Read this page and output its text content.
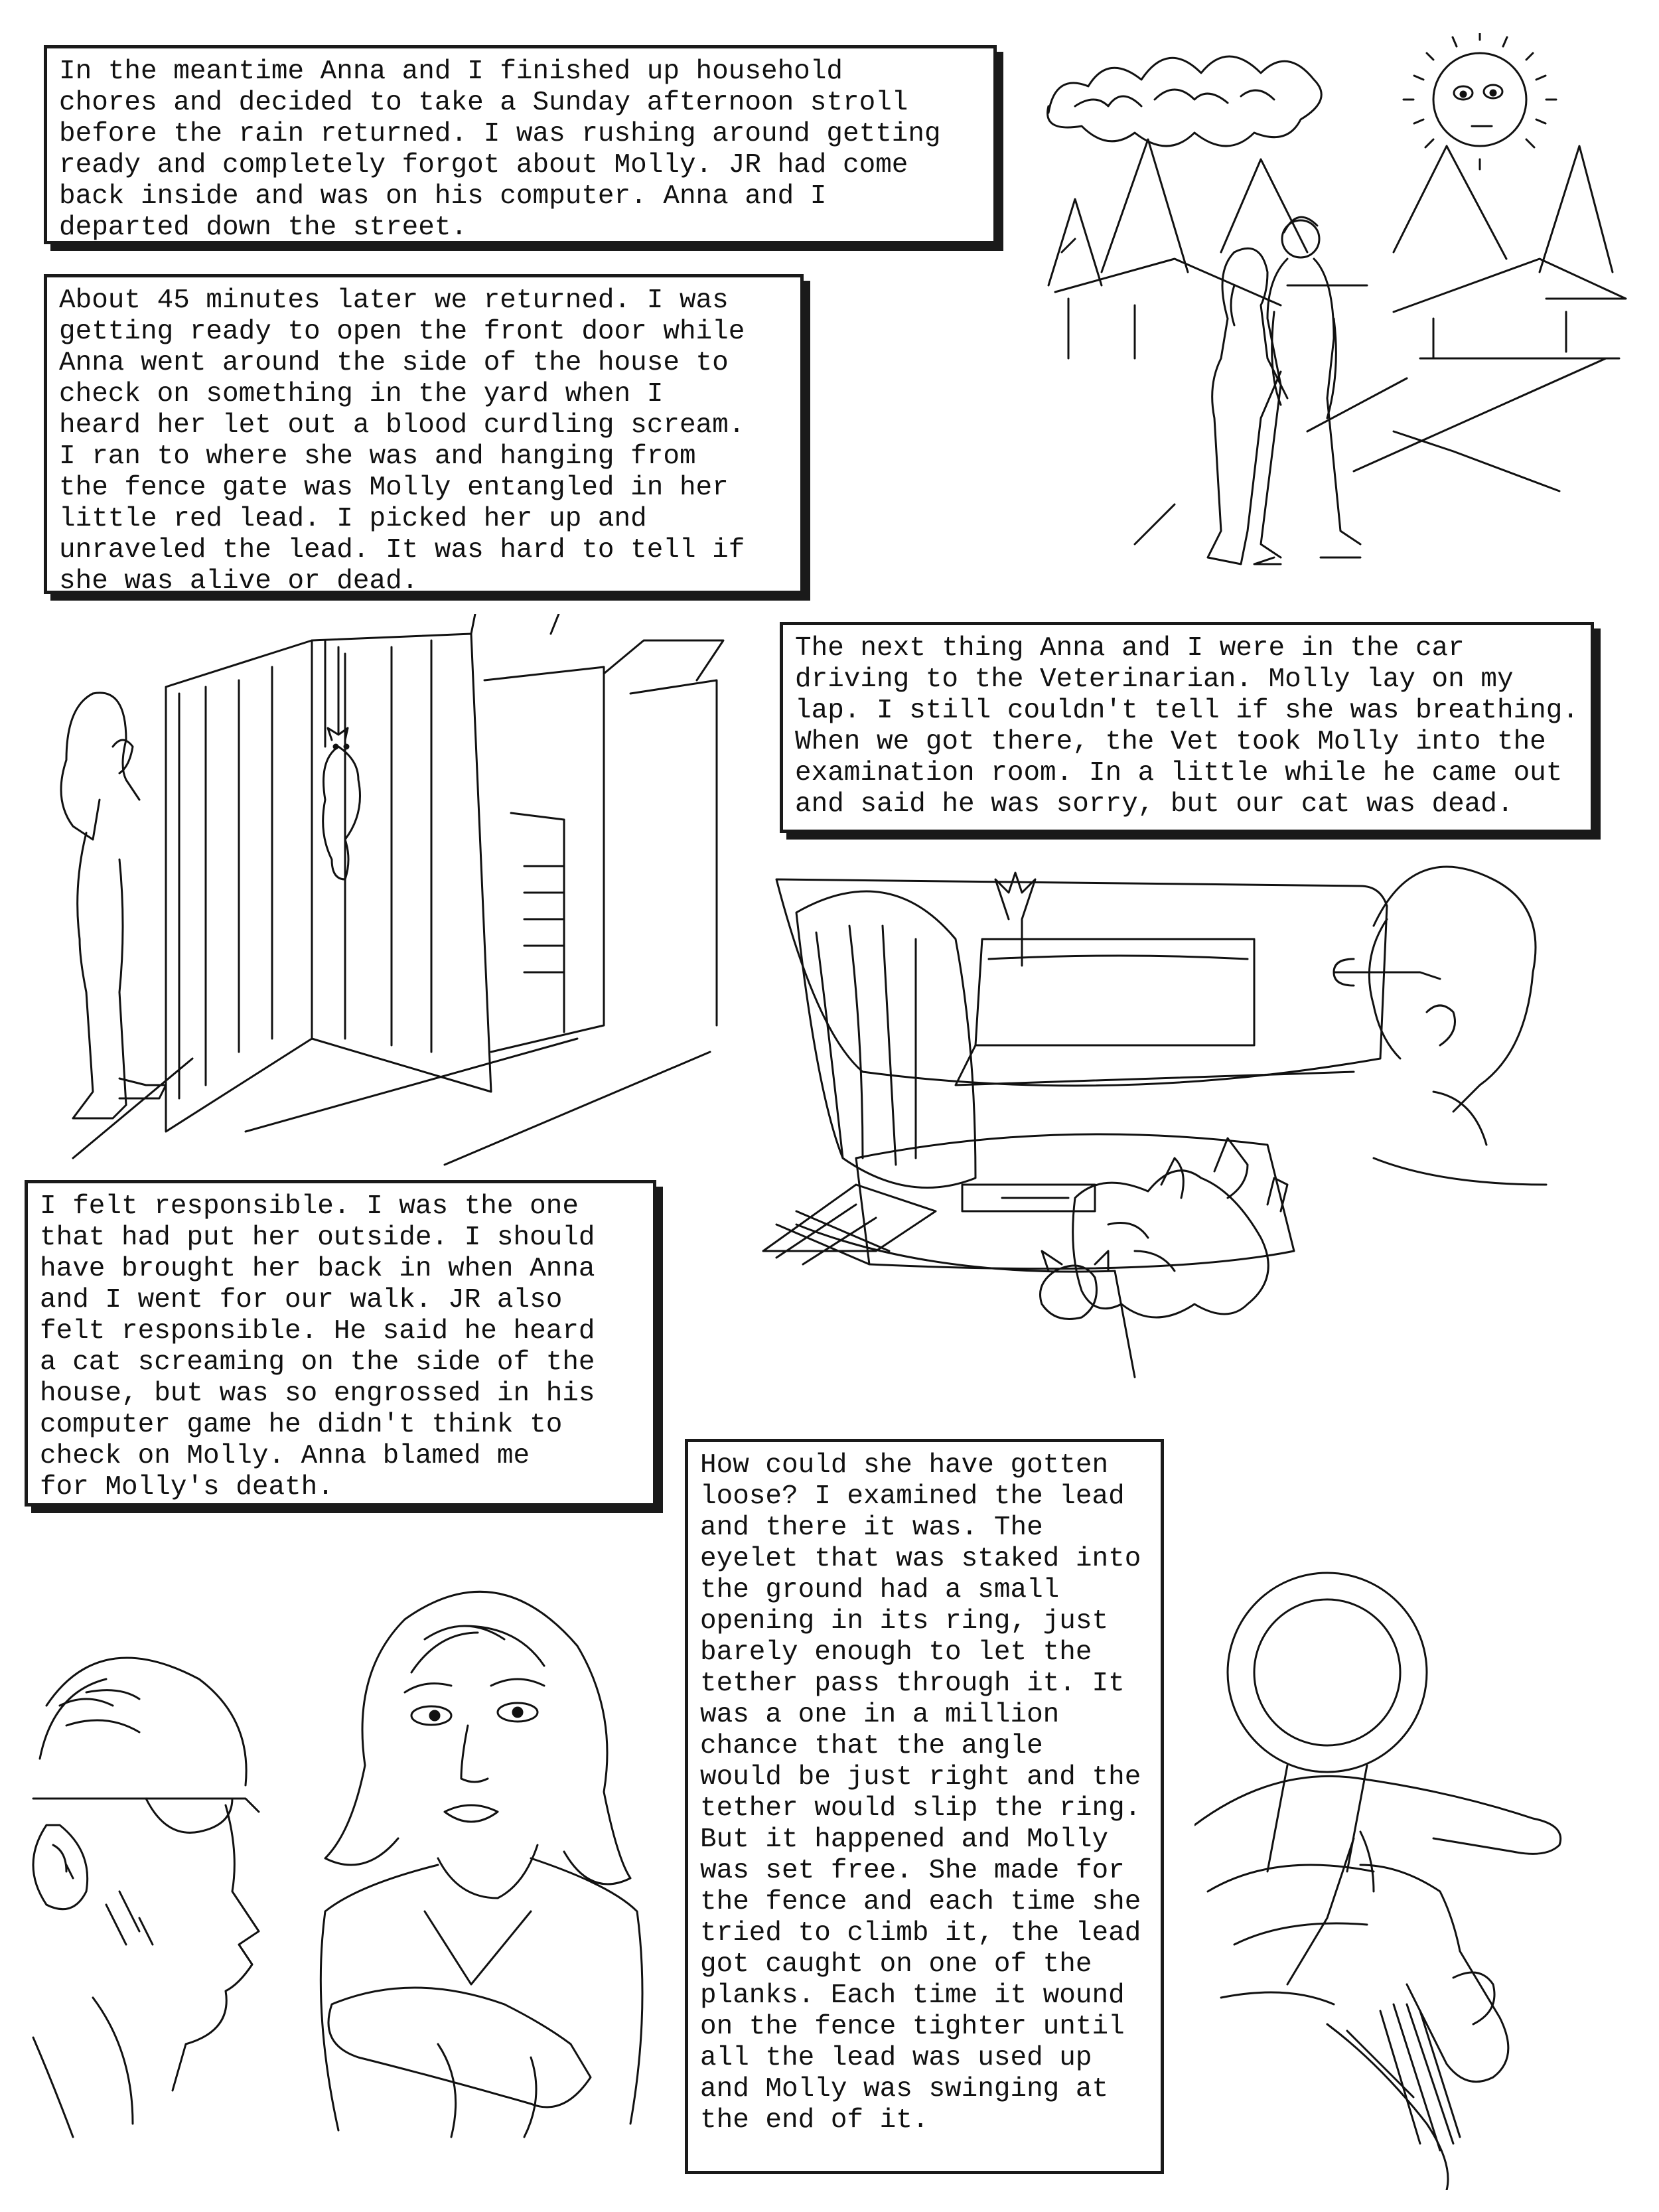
In the meantime Anna and I finished up household
chores and decided to take a Sunday afternoon stroll
before the rain returned. I was rushing around getting
ready and completely forgot about Molly. JR had come
back inside and was on his computer. Anna and I
departed down the street.
About 45 minutes later we returned. I was
getting ready to open the front door while
Anna went around the side of the house to
check on something in the yard when I
heard her let out a blood curdling scream.
I ran to where she was and hanging from
the fence gate was Molly entangled in her
little red lead. I picked her up and
unraveled the lead. It was hard to tell if
she was alive or dead.
The next thing Anna and I were in the car
driving to the Veterinarian. Molly lay on my
lap. I still couldn't tell if she was breathing.
When we got there, the Vet took Molly into the
examination room. In a little while he came out
and said he was sorry, but our cat was dead.
I felt responsible. I was the one
that had put her outside. I should
have brought her back in when Anna
and I went for our walk. JR also
felt responsible. He said he heard
a cat screaming on the side of the
house, but was so engrossed in his
computer game he didn't think to
check on Molly. Anna blamed me
for Molly's death.
How could she have gotten
loose? I examined the lead
and there it was. The
eyelet that was staked into
the ground had a small
opening in its ring, just
barely enough to let the
tether pass through it. It
was a one in a million
chance that the angle
would be just right and the
tether would slip the ring.
But it happened and Molly
was set free. She made for
the fence and each time she
tried to climb it, the lead
got caught on one of the
planks. Each time it wound
on the fence tighter until
all the lead was used up
and Molly was swinging at
the end of it.
